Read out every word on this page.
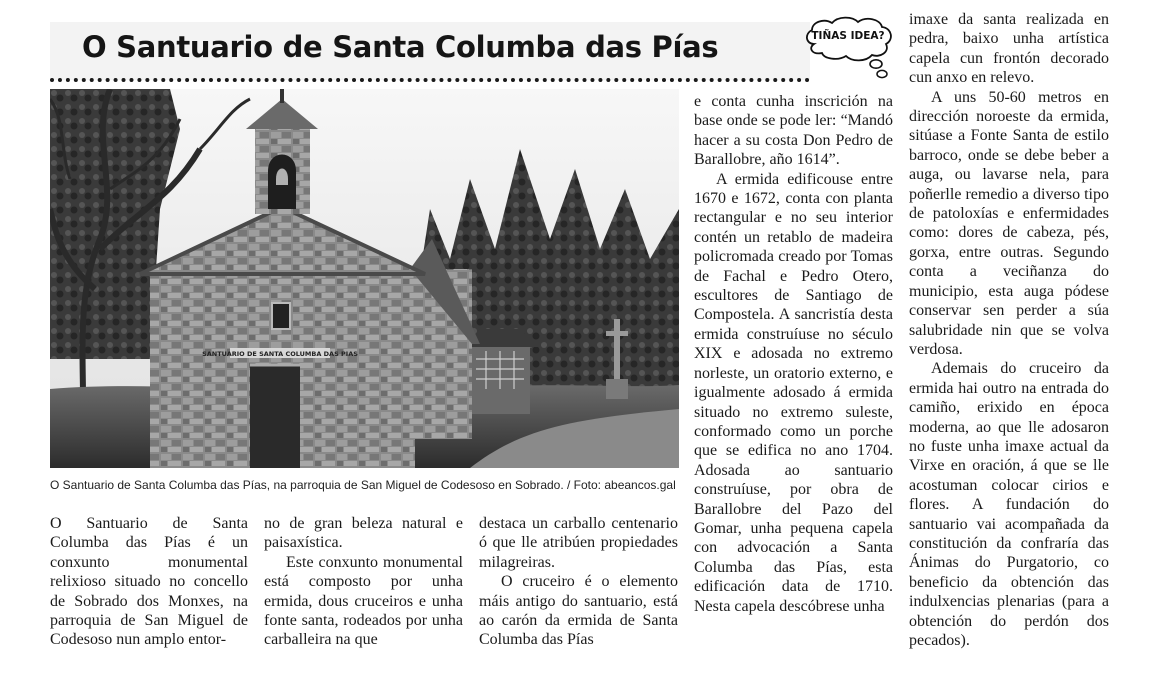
O Santuario de Santa Columba das Pías	TIÑAS IDEA?
SANTUARIO DE SANTA COLUMBA DAS PIAS
O Santuario de Santa Columba das Pías, na parroquia de San Miguel de Codesoso en Sobrado. / Foto: abeancos.gal

O Santuario de Santa Columba das Pías é un conxunto monumental relixioso situado no concello de Sobrado dos Monxes, na parroquia de San Miguel de Codesoso nun amplo entor-

no de gran beleza natural e paisaxística.

Este conxunto monumental está composto por unha ermida, dous cruceiros e unha fonte santa, rodeados por unha carballeira na que

destaca un carballo centenario ó que lle atribúen propiedades milagreiras.

O cruceiro é o elemento máis antigo do santuario, está ao carón da ermida de Santa Columba das Pías

e conta cunha inscrición na base onde se pode ler: “Mandó hacer a su costa Don Pedro de Barallobre, año 1614”.

A ermida edificouse entre 1670 e 1672, conta con planta rectangular e no seu interior contén un retablo de madeira policromada creado por Tomas de Fachal e Pedro Otero, escultores de Santiago de Compostela. A sancristía desta ermida construíuse no século XIX e adosada no extremo norleste, un oratorio externo, e igualmente adosado á ermida situado no extremo suleste, conformado como un porche que se edifica no ano 1704. Adosada ao santuario construíuse, por obra de Barallobre del Pazo del Gomar, unha pequena capela con advocación a Santa Columba das Pías, esta edificación data de 1710. Nesta capela descóbrese unha

imaxe da santa realizada en pedra, baixo unha artística capela cun frontón decorado cun anxo en relevo.

A uns 50-60 metros en dirección noroeste da ermida, sitúase a Fonte Santa de estilo barroco, onde se debe beber a auga, ou lavarse nela, para poñerlle remedio a diverso tipo de patoloxías e enfermidades como: dores de cabeza, pés, gorxa, entre outras. Segundo conta a veciñanza do municipio, esta auga pódese conservar sen perder a súa salubridade nin que se volva verdosa.

Ademais do cruceiro da ermida hai outro na entrada do camiño, erixido en época moderna, ao que lle adosaron no fuste unha imaxe actual da Virxe en oración, á que se lle acostuman colocar cirios e flores. A fundación do santuario vai acompañada da constitución da confraría das Ánimas do Purgatorio, co beneficio da obtención das indulxencias plenarias (para a obtención do perdón dos pecados).
